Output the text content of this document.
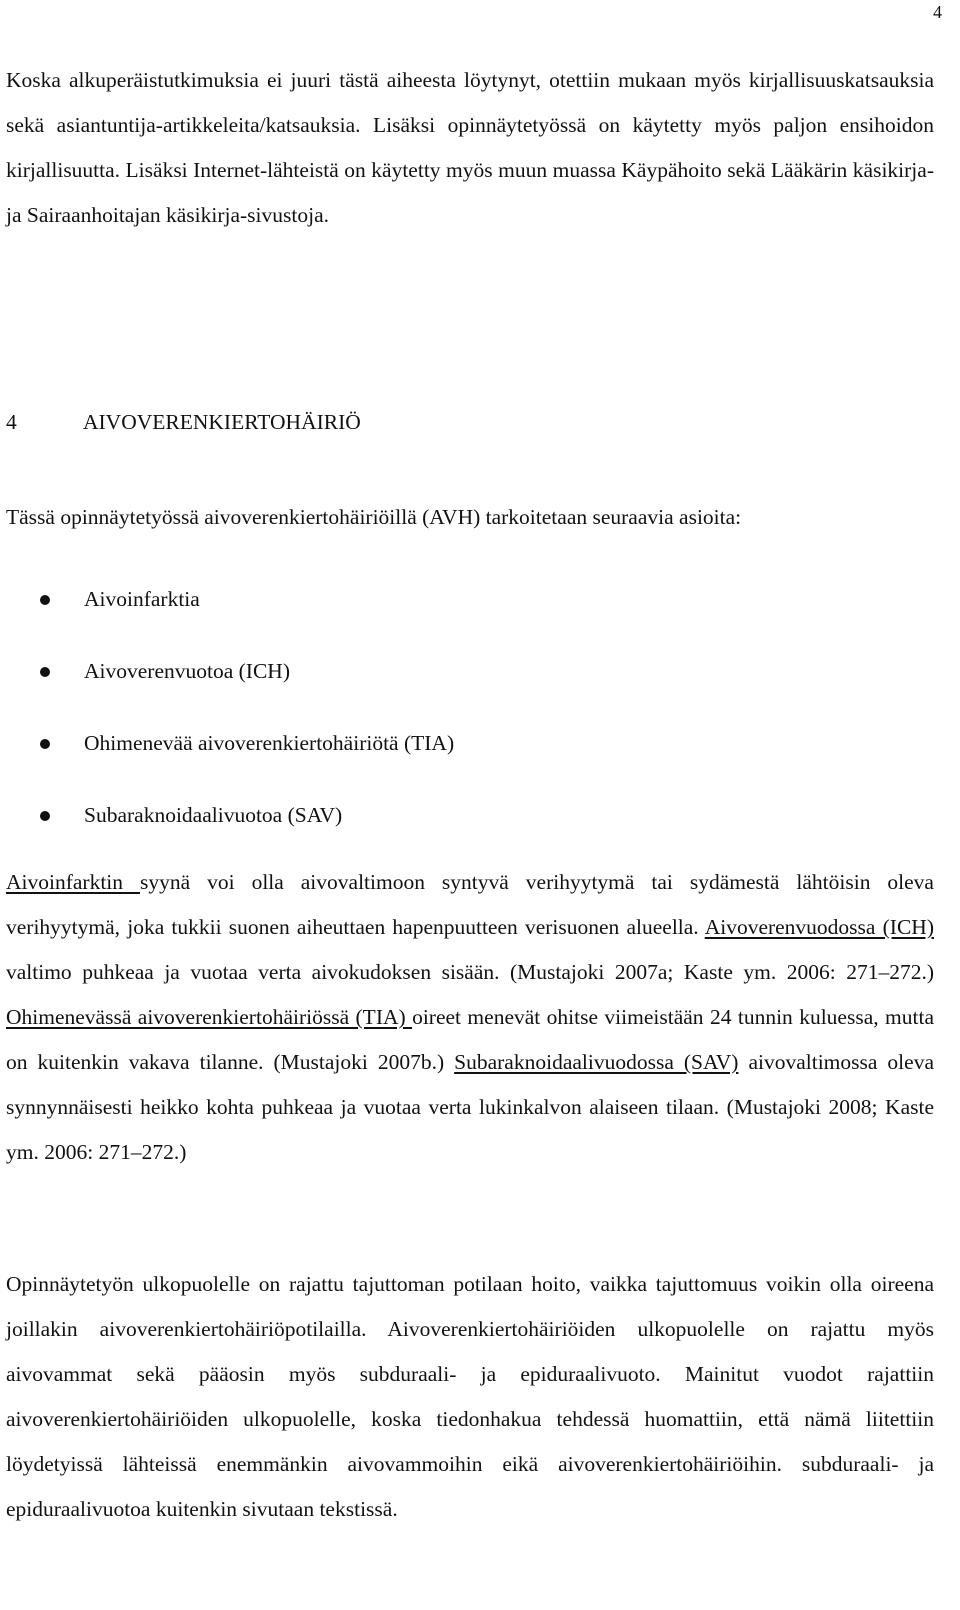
4

Koska alkuperäistutkimuksia ei juuri tästä aiheesta löytynyt, otettiin mukaan myös kirjallisuuskatsauksia sekä asiantuntija-artikkeleita/katsauksia. Lisäksi opinnäytetyössä on käytetty myös paljon ensihoidon kirjallisuutta. Lisäksi Internet-lähteistä on käytetty myös muun muassa Käypähoito sekä Lääkärin käsikirja- ja Sairaanhoitajan käsikirja-sivustoja.

4	AIVOVERENKIERTOHÄIRIÖ
Tässä opinnäytetyössä aivoverenkiertohäiriöillä (AVH) tarkoitetaan seuraavia asioita:
Aivoinfarktia
Aivoverenvuotoa (ICH)
Ohimenevää aivoverenkiertohäiriötä (TIA)
Subaraknoidaalivuotoa (SAV)

Aivoinfarktin syynä voi olla aivovaltimoon syntyvä verihyytymä tai sydämestä lähtöisin oleva verihyytymä, joka tukkii suonen aiheuttaen hapenpuutteen verisuonen alueella. Aivoverenvuodossa (ICH) valtimo puhkeaa ja vuotaa verta aivokudoksen sisään. (Mustajoki 2007a; Kaste ym. 2006: 271–272.) Ohimenevässä aivoverenkiertohäiriössä (TIA) oireet menevät ohitse viimeistään 24 tunnin kuluessa, mutta on kuitenkin vakava tilanne. (Mustajoki 2007b.) Subaraknoidaalivuodossa (SAV) aivovaltimossa oleva synnynnäisesti heikko kohta puhkeaa ja vuotaa verta lukinkalvon alaiseen tilaan. (Mustajoki 2008; Kaste ym. 2006: 271–272.)

Opinnäytetyön ulkopuolelle on rajattu tajuttoman potilaan hoito, vaikka tajuttomuus voikin olla oireena joillakin aivoverenkiertohäiriöpotilailla. Aivoverenkiertohäiriöiden ulkopuolelle on rajattu myös aivovammat sekä pääosin myös subduraali- ja epiduraalivuoto. Mainitut vuodot rajattiin aivoverenkiertohäiriöiden ulkopuolelle, koska tiedonhakua tehdessä huomattiin, että nämä liitettiin löydetyissä lähteissä enemmänkin aivovammoihin eikä aivoverenkiertohäiriöihin. subduraali- ja epiduraalivuotoa kuitenkin sivutaan tekstissä.
